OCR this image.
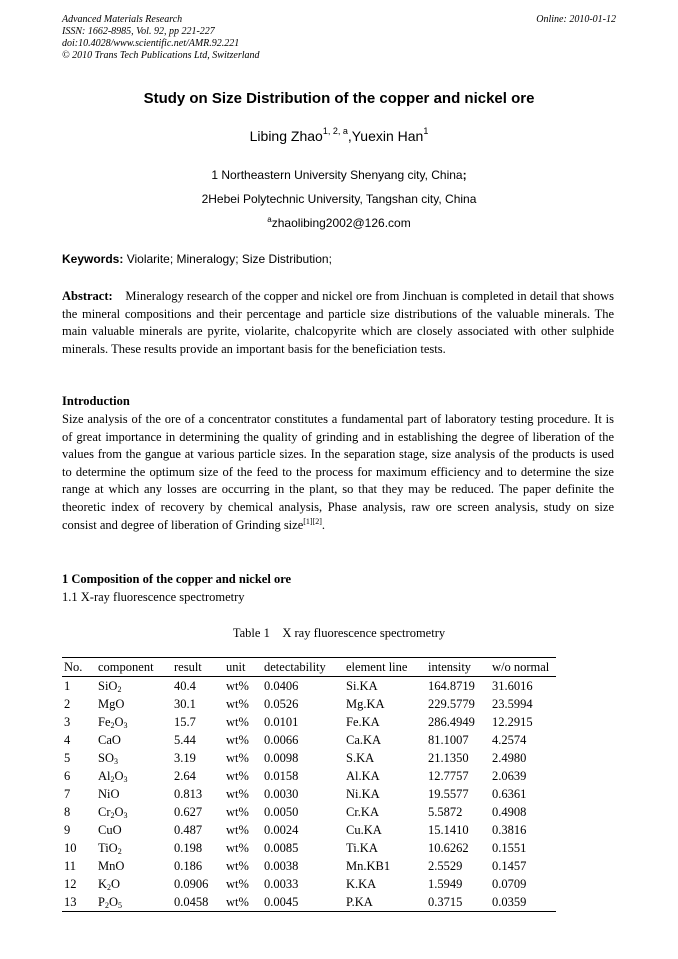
Advanced Materials Research
ISSN: 1662-8985, Vol. 92, pp 221-227
doi:10.4028/www.scientific.net/AMR.92.221
© 2010 Trans Tech Publications Ltd, Switzerland
Online: 2010-01-12
Study on Size Distribution of the copper and nickel ore
Libing Zhao$^{1, 2, a}$,Yuexin Han$^1$
1 Northeastern University Shenyang city, China;
2Hebei Polytechnic University, Tangshan city, China
$^a$zhaolibing2002@126.com
Keywords: Violarite; Mineralogy; Size Distribution;
Abstract: Mineralogy research of the copper and nickel ore from Jinchuan is completed in detail that shows the mineral compositions and their percentage and particle size distributions of the valuable minerals. The main valuable minerals are pyrite, violarite, chalcopyrite which are closely associated with other sulphide minerals. These results provide an important basis for the beneficiation tests.
Introduction
Size analysis of the ore of a concentrator constitutes a fundamental part of laboratory testing procedure. It is of great importance in determining the quality of grinding and in establishing the degree of liberation of the values from the gangue at various particle sizes. In the separation stage, size analysis of the products is used to determine the optimum size of the feed to the process for maximum efficiency and to determine the size range at which any losses are occurring in the plant, so that they may be reduced. The paper definite the theoretic index of recovery by chemical analysis, Phase analysis, raw ore screen analysis, study on size consist and degree of liberation of Grinding size[1][2].
1 Composition of the copper and nickel ore
1.1 X-ray fluorescence spectrometry
Table 1    X ray fluorescence spectrometry
No.	component	result	unit	detectability	element line	intensity	w/o normal
1	SiO$_2$	40.4	wt%	0.0406	Si.KA	164.8719	31.6016
2	MgO	30.1	wt%	0.0526	Mg.KA	229.5779	23.5994
3	$Fe_2O_3$	15.7	wt%	0.0101	Fe.KA	286.4949	12.2915
4	CaO	5.44	wt%	0.0066	Ca.KA	81.1007	4.2574
5	$SO_3$	3.19	wt%	0.0098	S.KA	21.1350	2.4980
6	$Al_2O_3$	2.64	wt%	0.0158	Al.KA	12.7757	2.0639
7	NiO	0.813	wt%	0.0030	Ni.KA	19.5577	0.6361
8	$Cr_2O_3$	0.627	wt%	0.0050	Cr.KA	5.5872	0.4908
9	CuO	0.487	wt%	0.0024	Cu.KA	15.1410	0.3816
10	TiO$_2$	0.198	wt%	0.0085	Ti.KA	10.6262	0.1551
11	MnO	0.186	wt%	0.0038	Mn.KB1	2.5529	0.1457
12	$K_2O$	0.0906	wt%	0.0033	K.KA	1.5949	0.0709
13	$P_2O_5$	0.0458	wt%	0.0045	P.KA	0.3715	0.0359
